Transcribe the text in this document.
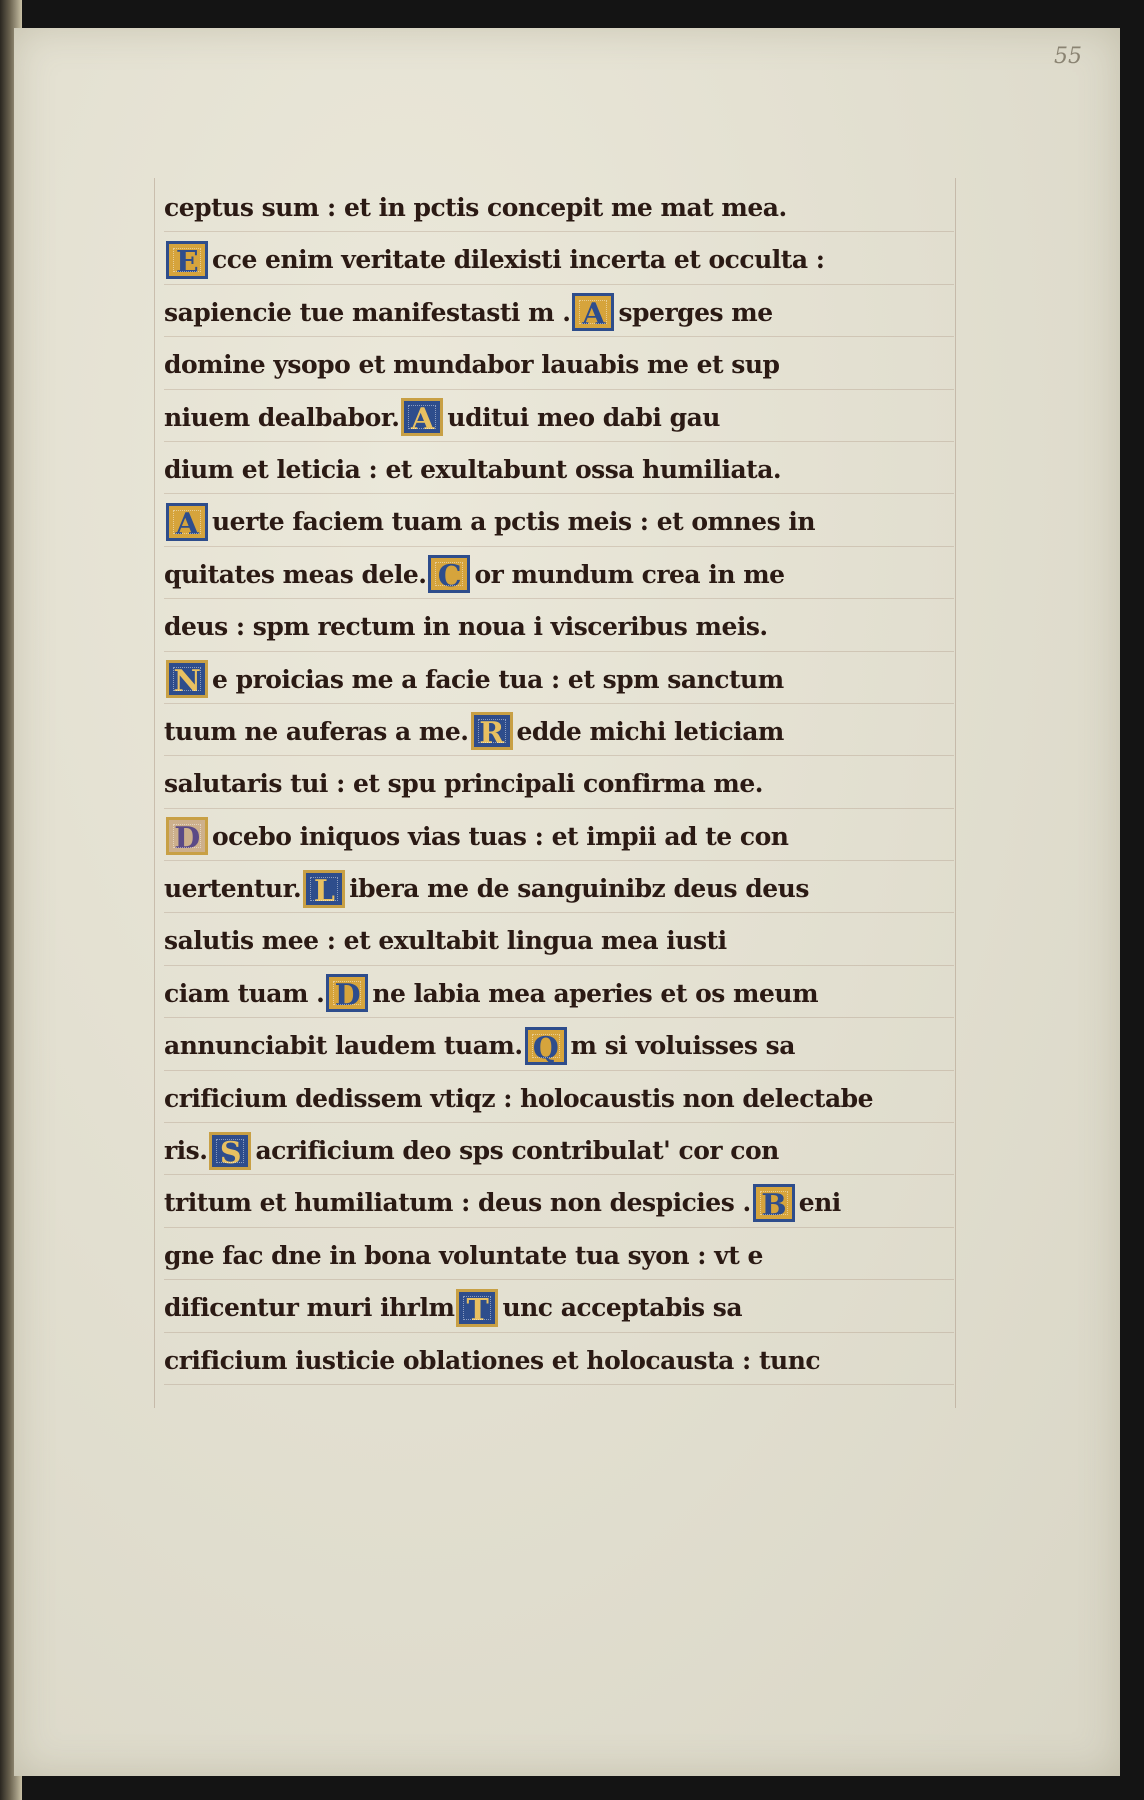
55
ceptus sum : et in pctis concepit me mat mea.
E cce enim veritate dilexisti incerta et occulta :
sapiencie tue manifestasti m . A sperges me
domine ysopo et mundabor lauabis me et sup
niuem dealbabor. A uditui meo dabi gau
dium et leticia : et exultabunt ossa humiliata.
A uerte faciem tuam a pctis meis : et omnes in
quitates meas dele. C or mundum crea in me
deus : spm rectum in noua i visceribus meis.
N e proicias me a facie tua : et spm sanctum
tuum ne auferas a me. R edde michi leticiam
salutaris tui : et spu principali confirma me.
D ocebo iniquos vias tuas : et impii ad te con
uertentur. L ibera me de sanguinibz deus deus
salutis mee : et exultabit lingua mea iusti
ciam tuam . D ne labia mea aperies et os meum
annunciabit laudem tuam. Q m si voluisses sa
crificium dedissem vtiqz : holocaustis non delectabe
ris. S acrificium deo sps contribulat' cor con
tritum et humiliatum : deus non despicies . B eni
gne fac dne in bona voluntate tua syon : vt e
dificentur muri ihrlm T unc acceptabis sa
crificium iusticie oblationes et holocausta : tunc
